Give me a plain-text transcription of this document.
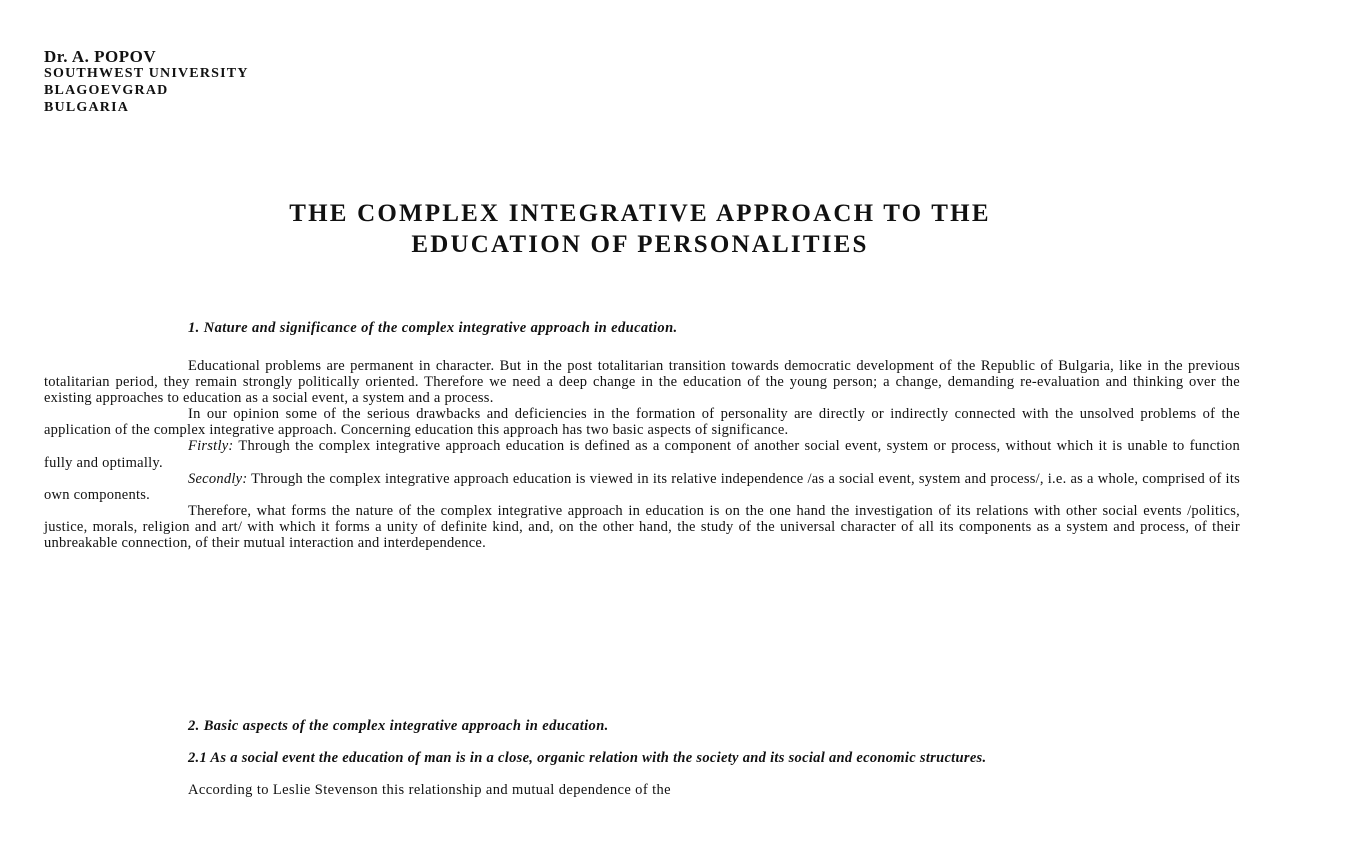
Dr. A. POPOV
SOUTHWEST UNIVERSITY
BLAGOEVGRAD
BULGARIA
THE COMPLEX INTEGRATIVE APPROACH TO THE
EDUCATION OF PERSONALITIES
1. Nature and significance of the complex integrative approach in education.

Educational problems are permanent in character. But in the post totalitarian transition towards democratic development of the Republic of Bulgaria, like in the previous totalitarian period, they remain strongly politically oriented. Therefore we need a deep change in the education of the young person; a change, demanding re-evaluation and thinking over the existing approaches to education as a social event, a system and a process.

In our opinion some of the serious drawbacks and deficiencies in the formation of personality are directly or indirectly connected with the unsolved problems of the application of the complex integrative approach. Concerning education this approach has two basic aspects of significance.

Firstly: Through the complex integrative approach education is defined as a component of another social event, system or process, without which it is unable to function fully and optimally.

Secondly: Through the complex integrative approach education is viewed in its relative independence /as a social event, system and process/, i.e. as a whole, comprised of its own components.

Therefore, what forms the nature of the complex integrative approach in education is on the one hand the investigation of its relations with other social events /politics, justice, morals, religion and art/ with which it forms a unity of definite kind, and, on the other hand, the study of the universal character of all its components as a system and process, of their unbreakable connection, of their mutual interaction and interdependence.

2. Basic aspects of the complex integrative approach in education.
2.1 As a social event the education of man is in a close, organic relation with the society and its social and economic structures.
According to Leslie Stevenson this relationship and mutual dependence of the
